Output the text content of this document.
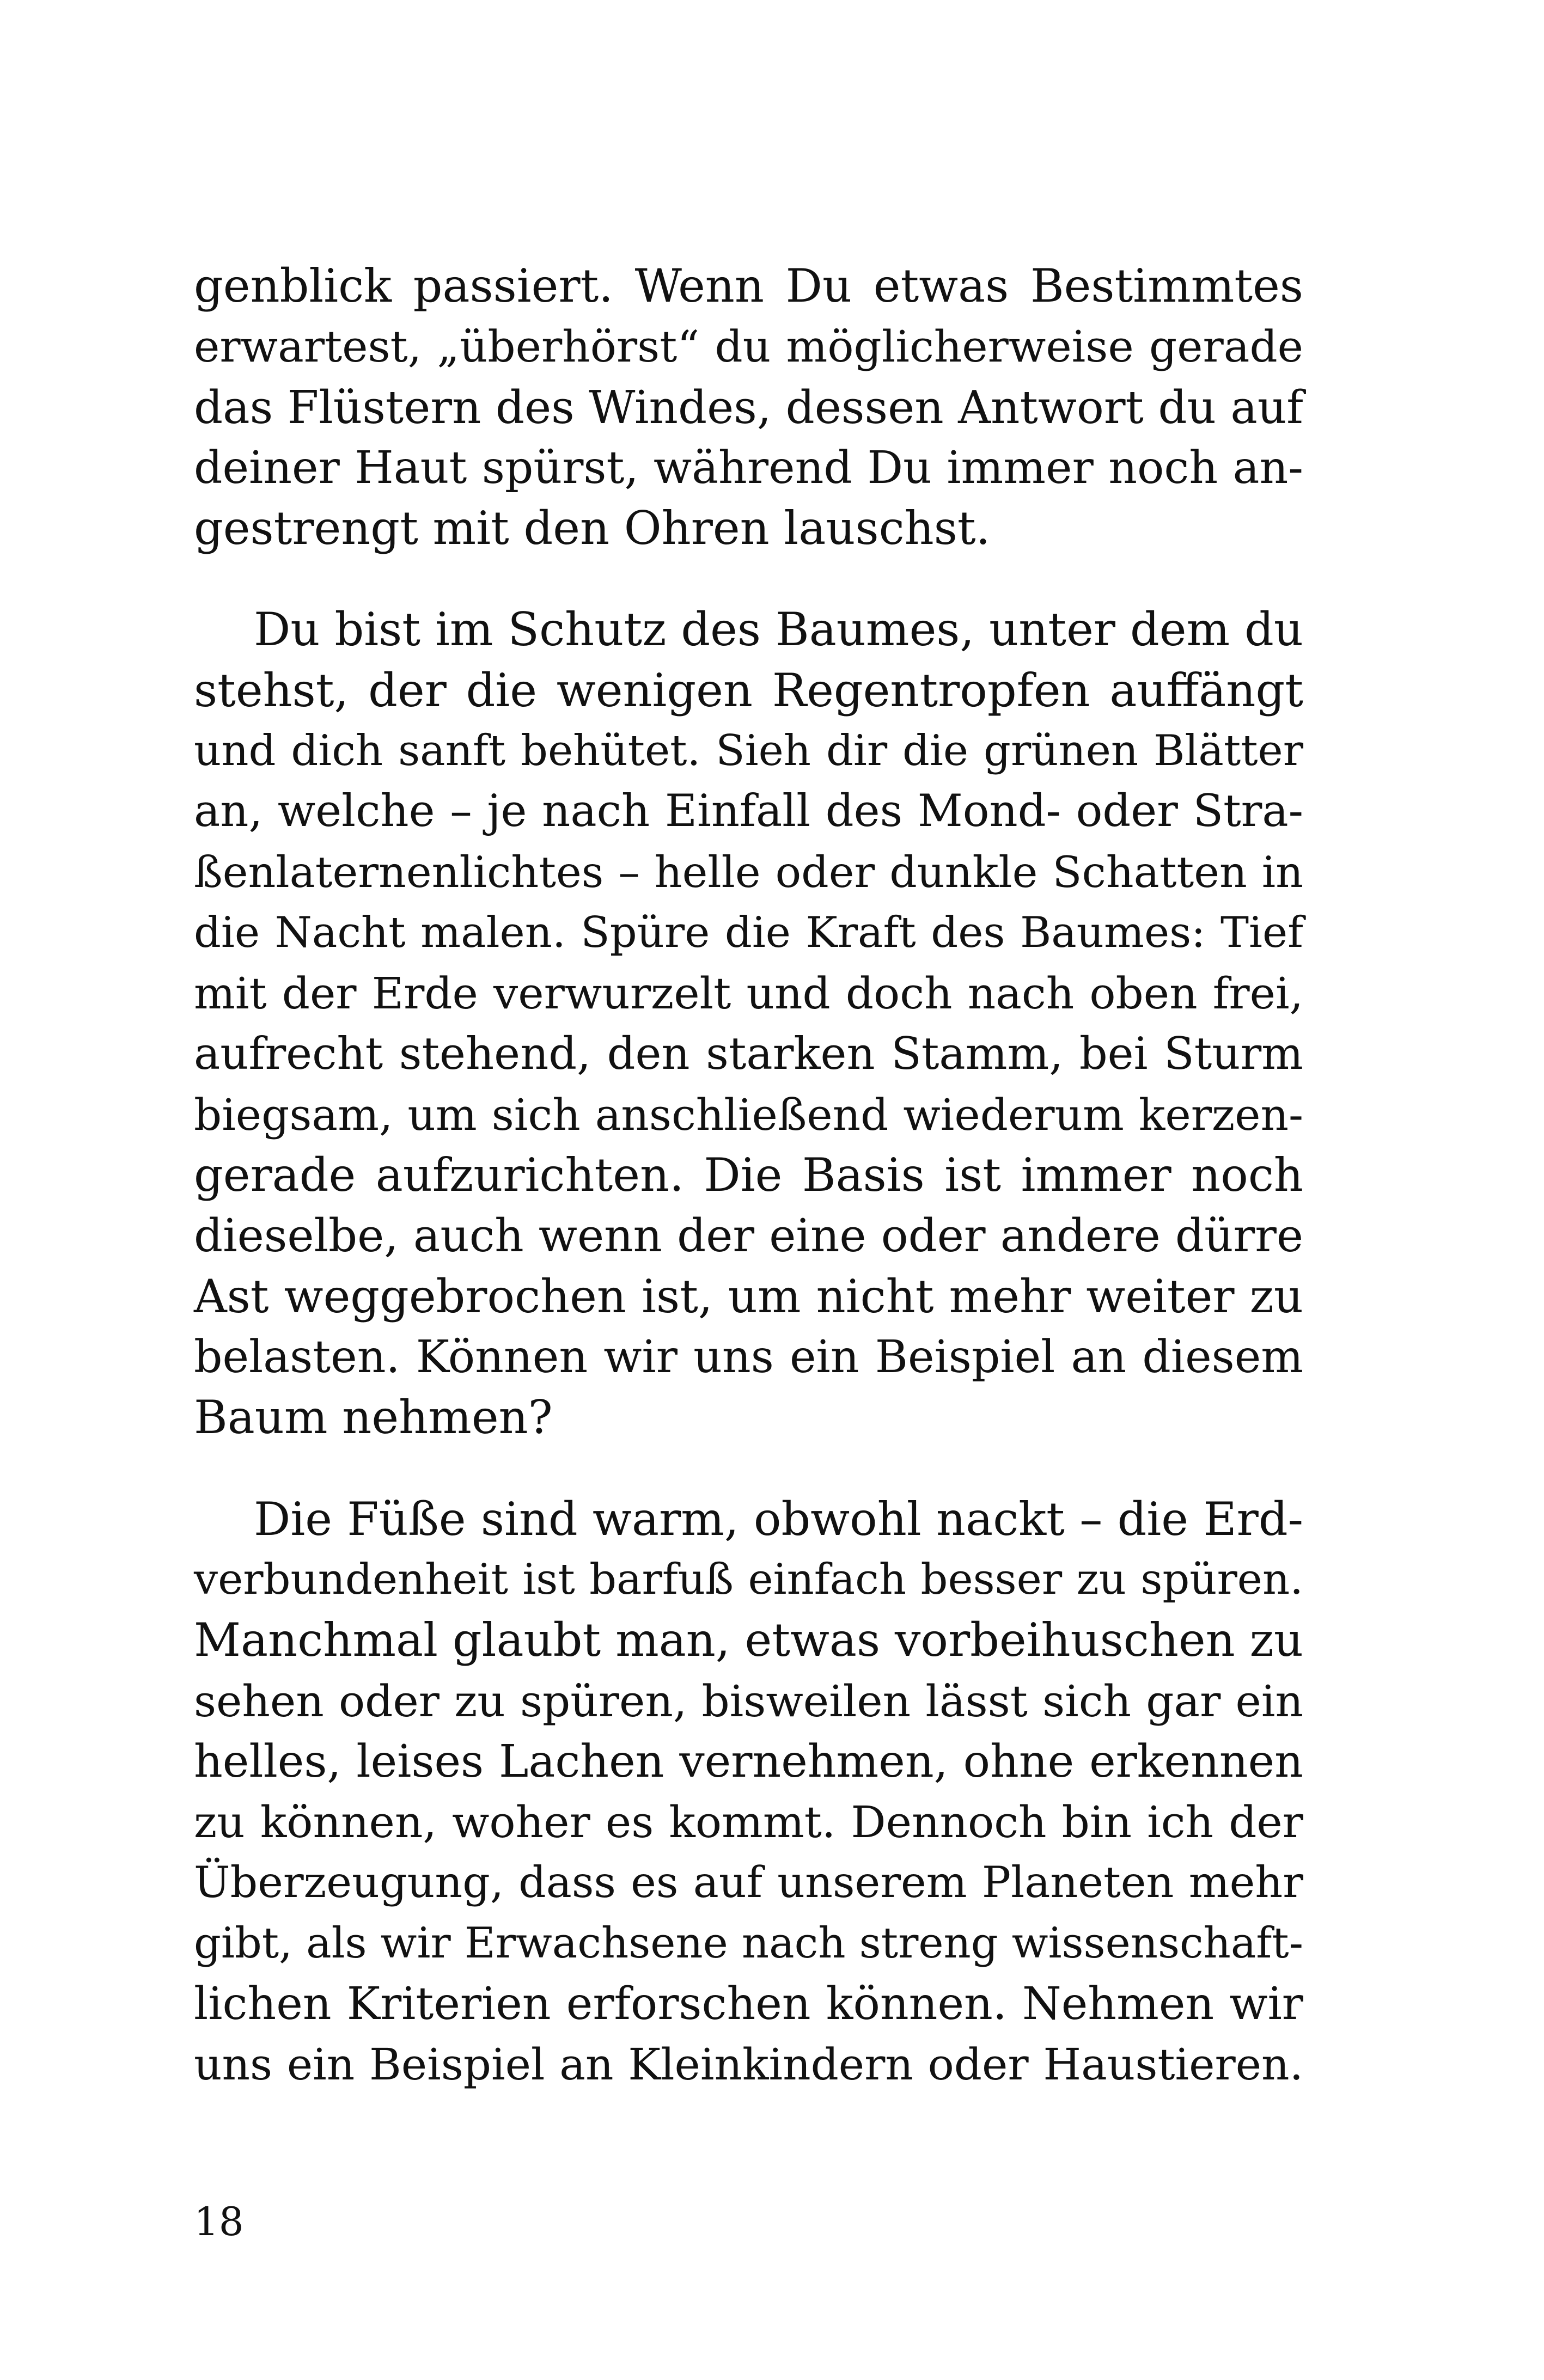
genblick passiert. Wenn Du etwas Bestimmtes
erwartest, „überhörst“ du möglicherweise gerade
das Flüstern des Windes, dessen Antwort du auf
deiner Haut spürst, während Du immer noch an-
gestrengt mit den Ohren lauschst.
Du bist im Schutz des Baumes, unter dem du
stehst, der die wenigen Regentropfen auffängt
und dich sanft behütet. Sieh dir die grünen Blätter
an, welche – je nach Einfall des Mond- oder Stra-
ßenlaternenlichtes – helle oder dunkle Schatten in
die Nacht malen. Spüre die Kraft des Baumes: Tief
mit der Erde verwurzelt und doch nach oben frei,
aufrecht stehend, den starken Stamm, bei Sturm
biegsam, um sich anschließend wiederum kerzen-
gerade aufzurichten. Die Basis ist immer noch
dieselbe, auch wenn der eine oder andere dürre
Ast weggebrochen ist, um nicht mehr weiter zu
belasten. Können wir uns ein Beispiel an diesem
Baum nehmen?
Die Füße sind warm, obwohl nackt – die Erd-
verbundenheit ist barfuß einfach besser zu spüren.
Manchmal glaubt man, etwas vorbeihuschen zu
sehen oder zu spüren, bisweilen lässt sich gar ein
helles, leises Lachen vernehmen, ohne erkennen
zu können, woher es kommt. Dennoch bin ich der
Überzeugung, dass es auf unserem Planeten mehr
gibt, als wir Erwachsene nach streng wissenschaft-
lichen Kriterien erforschen können. Nehmen wir
uns ein Beispiel an Kleinkindern oder Haustieren.
18
